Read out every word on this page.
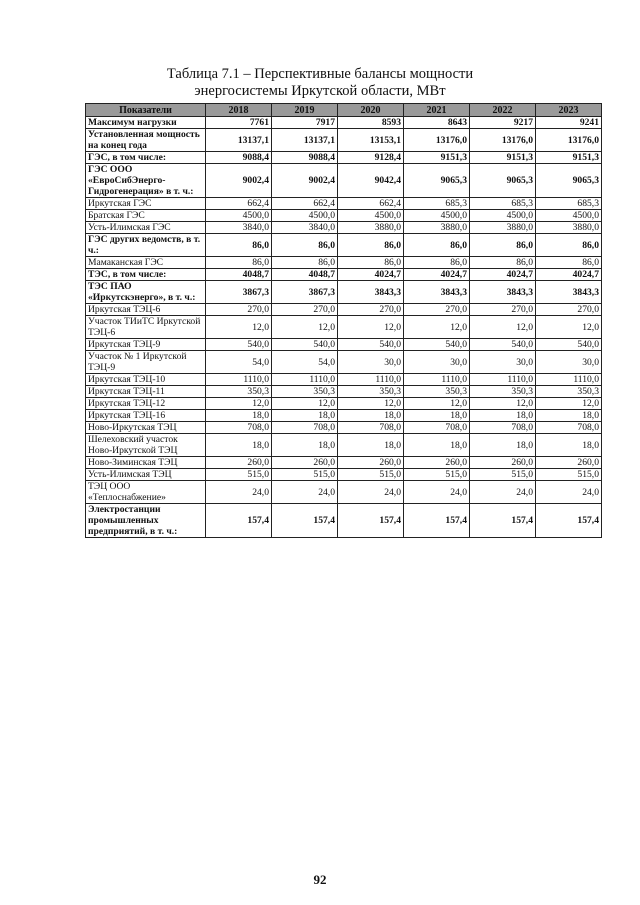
Таблица 7.1 – Перспективные балансы мощности
энергосистемы Иркутской области, МВт
Показатели	2018	2019	2020	2021	2022	2023
Максимум нагрузки	7761	7917	8593	8643	9217	9241
Установленная мощность на конец года	13137,1	13137,1	13153,1	13176,0	13176,0	13176,0
ГЭС, в том числе:	9088,4	9088,4	9128,4	9151,3	9151,3	9151,3
ГЭС ООО «ЕвроСибЭнерго-Гидрогенерация» в т. ч.:	9002,4	9002,4	9042,4	9065,3	9065,3	9065,3
Иркутская ГЭС	662,4	662,4	662,4	685,3	685,3	685,3
Братская ГЭС	4500,0	4500,0	4500,0	4500,0	4500,0	4500,0
Усть-Илимская ГЭС	3840,0	3840,0	3880,0	3880,0	3880,0	3880,0
ГЭС других ведомств, в т. ч.:	86,0	86,0	86,0	86,0	86,0	86,0
Мамаканская ГЭС	86,0	86,0	86,0	86,0	86,0	86,0
ТЭС, в том числе:	4048,7	4048,7	4024,7	4024,7	4024,7	4024,7
ТЭС ПАО «Иркутскэнерго», в т. ч.:	3867,3	3867,3	3843,3	3843,3	3843,3	3843,3
Иркутская ТЭЦ-6	270,0	270,0	270,0	270,0	270,0	270,0
Участок ТИиТС Иркутской ТЭЦ-6	12,0	12,0	12,0	12,0	12,0	12,0
Иркутская ТЭЦ-9	540,0	540,0	540,0	540,0	540,0	540,0
Участок № 1 Иркутской ТЭЦ-9	54,0	54,0	30,0	30,0	30,0	30,0
Иркутская ТЭЦ-10	1110,0	1110,0	1110,0	1110,0	1110,0	1110,0
Иркутская ТЭЦ-11	350,3	350,3	350,3	350,3	350,3	350,3
Иркутская ТЭЦ-12	12,0	12,0	12,0	12,0	12,0	12,0
Иркутская ТЭЦ-16	18,0	18,0	18,0	18,0	18,0	18,0
Ново-Иркутская ТЭЦ	708,0	708,0	708,0	708,0	708,0	708,0
Шелеховский участок Ново-Иркутской ТЭЦ	18,0	18,0	18,0	18,0	18,0	18,0
Ново-Зиминская ТЭЦ	260,0	260,0	260,0	260,0	260,0	260,0
Усть-Илимская ТЭЦ	515,0	515,0	515,0	515,0	515,0	515,0
ТЭЦ ООО «Теплоснабжение»	24,0	24,0	24,0	24,0	24,0	24,0
Электростанции промышленных предприятий, в т. ч.:	157,4	157,4	157,4	157,4	157,4	157,4
92
